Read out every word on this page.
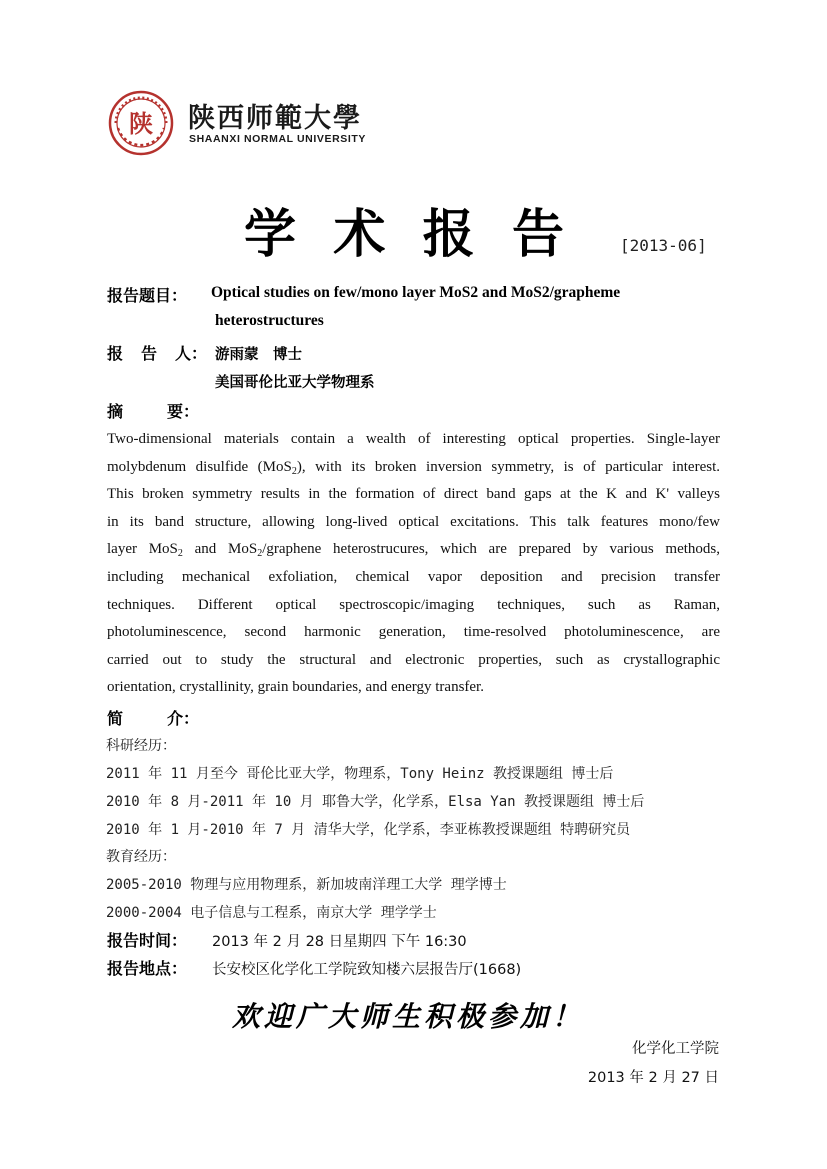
陕 陕西师範大學
SHAANXI NORMAL UNIVERSITY
学 术 报 告	[2013-06]
报告题目： Optical studies on few/mono layer MoS2 and MoS2/grapheme
heterostructures
报 告 人： 游雨蒙　博士
美国哥伦比亚大学物理系
摘	要：
Two-dimensional materials contain a wealth of interesting optical properties. Single-layer
molybdenum disulfide (MoS$_2$), with its broken inversion symmetry, is of particular interest.
This broken symmetry results in the formation of direct band gaps at the K and K' valleys
in its band structure, allowing long-lived optical excitations. This talk features mono/few
layer MoS$_2$ and MoS$_2$/graphene heterostrucures, which are prepared by various methods,
including mechanical exfoliation, chemical vapor deposition and precision transfer
techniques. Different optical spectroscopic/imaging techniques, such as Raman,
photoluminescence, second harmonic generation, time-resolved photoluminescence, are
carried out to study the structural and electronic properties, such as crystallographic
orientation, crystallinity, grain boundaries, and energy transfer.
简	介：
科研经历：
2011 年 11 月至今 哥伦比亚大学，物理系，Tony Heinz 教授课题组 博士后
2010 年 8 月-2011 年 10 月 耶鲁大学，化学系，Elsa Yan 教授课题组 博士后
2010 年 1 月-2010 年 7 月 清华大学，化学系，李亚栋教授课题组 特聘研究员
教育经历：
2005-2010 物理与应用物理系，新加坡南洋理工大学 理学博士
2000-2004 电子信息与工程系，南京大学 理学学士
报告时间： 2013 年 2 月 28 日星期四 下午 16:30
报告地点： 长安校区化学化工学院致知楼六层报告厅(1668)
欢迎广大师生积极参加！
化学化工学院
2013 年 2 月 27 日
